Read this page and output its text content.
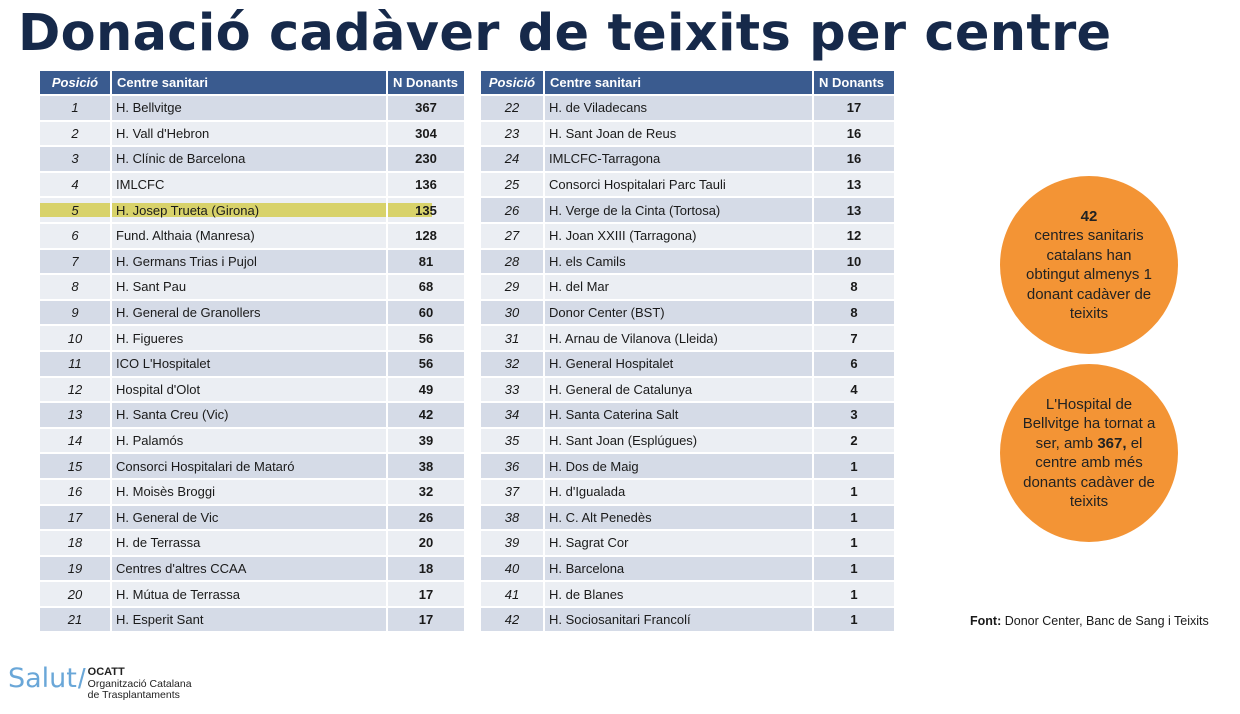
Donació cadàver de teixits per centre
Posició	Centre sanitari	N Donants
1	H. Bellvitge	367
2	H. Vall d'Hebron	304
3	H. Clínic de Barcelona	230
4	IMLCFC	136
5	H. Josep Trueta (Girona)	135
6	Fund. Althaia (Manresa)	128
7	H. Germans Trias i Pujol	81
8	H. Sant Pau	68
9	H. General de Granollers	60
10	H. Figueres	56
11	ICO L'Hospitalet	56
12	Hospital d'Olot	49
13	H. Santa Creu (Vic)	42
14	H. Palamós	39
15	Consorci Hospitalari de Mataró	38
16	H. Moisès Broggi	32
17	H. General de Vic	26
18	H. de Terrassa	20
19	Centres d'altres CCAA	18
20	H. Mútua de Terrassa	17
21	H. Esperit Sant	17
Posició	Centre sanitari	N Donants
22	H. de Viladecans	17
23	H. Sant Joan de Reus	16
24	IMLCFC-Tarragona	16
25	Consorci Hospitalari Parc Tauli	13
26	H. Verge de la Cinta (Tortosa)	13
27	H. Joan XXIII (Tarragona)	12
28	H. els Camils	10
29	H. del Mar	8
30	Donor Center (BST)	8
31	H. Arnau de Vilanova (Lleida)	7
32	H. General Hospitalet	6
33	H. General de Catalunya	4
34	H. Santa Caterina Salt	3
35	H. Sant Joan (Esplúgues)	2
36	H. Dos de Maig	1
37	H. d'Igualada	1
38	H. C. Alt Penedès	1
39	H. Sagrat Cor	1
40	H. Barcelona	1
41	H. de Blanes	1
42	H. Sociosanitari Francolí	1
42
centres sanitaris catalans han obtingut almenys 1 donant cadàver de teixits
L'Hospital de Bellvitge ha tornat a ser, amb 367, el centre amb més donants cadàver de teixits
Font: Donor Center, Banc de Sang i Teixits
Salut / OCATT
Organització Catalana
de Trasplantaments
